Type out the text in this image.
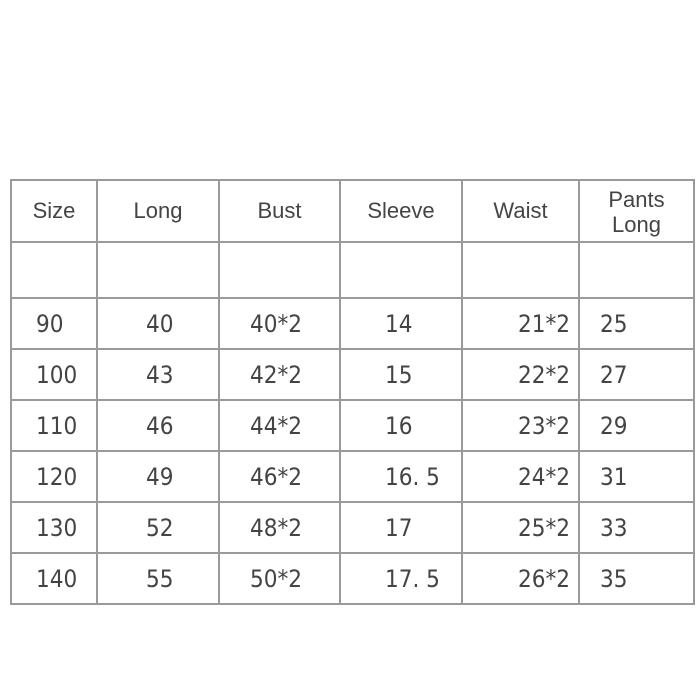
Size	Long	Bust	Sleeve	Waist	Pants
Long

90	40	40*2	14	21*2	25
100	43	42*2	15	22*2	27
110	46	44*2	16	23*2	29
120	49	46*2	16. 5	24*2	31
130	52	48*2	17	25*2	33
140	55	50*2	17. 5	26*2	35
